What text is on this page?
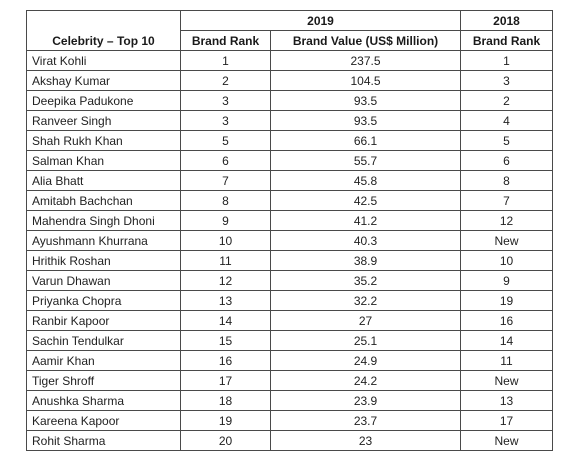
	2019		2018
Celebrity – Top 10	Brand Rank	Brand Value (US$ Million)	Brand Rank
Virat Kohli	1	237.5	1
Akshay Kumar	2	104.5	3
Deepika Padukone	3	93.5	2
Ranveer Singh	3	93.5	4
Shah Rukh Khan	5	66.1	5
Salman Khan	6	55.7	6
Alia Bhatt	7	45.8	8
Amitabh Bachchan	8	42.5	7
Mahendra Singh Dhoni	9	41.2	12
Ayushmann Khurrana	10	40.3	New
Hrithik Roshan	11	38.9	10
Varun Dhawan	12	35.2	9
Priyanka Chopra	13	32.2	19
Ranbir Kapoor	14	27	16
Sachin Tendulkar	15	25.1	14
Aamir Khan	16	24.9	11
Tiger Shroff	17	24.2	New
Anushka Sharma	18	23.9	13
Kareena Kapoor	19	23.7	17
Rohit Sharma	20	23	New
